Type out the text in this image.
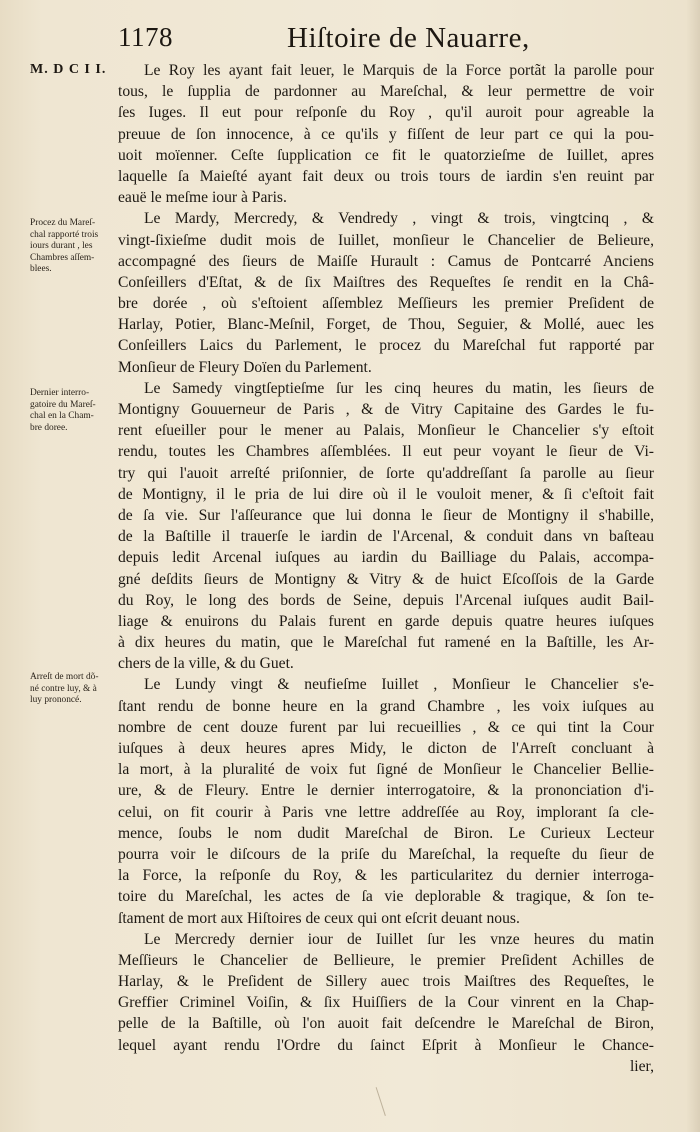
1178	Hiſtoire de Nauarre,
M. D C I I.
Procez du Mareſ-
chal rapporté trois
iours durant , les
Chambres aſſem-
blees.
Dernier interro-
gatoire du Mareſ-
chal en la Cham-
bre doree.
Arreſt de mort dõ-
né contre luy, & à
luy prononcé.
Le Roy les ayant fait leuer, le Marquis de la Force portãt la parolle pour
tous, le ſupplia de pardonner au Mareſchal, & leur permettre de voir
ſes Iuges. Il eut pour reſponſe du Roy , qu'il auroit pour agreable la
preuue de ſon innocence, à ce qu'ils y fiſſent de leur part ce qui la pou-
uoit moïenner. Ceſte ſupplication ce fit le quatorzieſme de Iuillet, apres
laquelle ſa Maieſté ayant fait deux ou trois tours de iardin s'en reuint par
eauë le meſme iour à Paris.
Le Mardy, Mercredy, & Vendredy , vingt & trois, vingtcinq , &
vingt-ſixieſme dudit mois de Iuillet, monſieur le Chancelier de Belieure,
accompagné des ſieurs de Maiſſe Hurault : Camus de Pontcarré Anciens
Conſeillers d'Eſtat, & de ſix Maiſtres des Requeſtes ſe rendit en la Châ-
bre dorée , où s'eſtoient aſſemblez Meſſieurs les premier Preſident de
Harlay, Potier, Blanc-Meſnil, Forget, de Thou, Seguier, & Mollé, auec les
Conſeillers Laics du Parlement, le procez du Mareſchal fut rapporté par
Monſieur de Fleury Doïen du Parlement.
Le Samedy vingtſeptieſme ſur les cinq heures du matin, les ſieurs de
Montigny Gouuerneur de Paris , & de Vitry Capitaine des Gardes le fu-
rent eſueiller pour le mener au Palais, Monſieur le Chancelier s'y eſtoit
rendu, toutes les Chambres aſſemblées. Il eut peur voyant le ſieur de Vi-
try qui l'auoit arreſté priſonnier, de ſorte qu'addreſſant ſa parolle au ſieur
de Montigny, il le pria de lui dire où il le vouloit mener, & ſi c'eſtoit fait
de ſa vie. Sur l'aſſeurance que lui donna le ſieur de Montigny il s'habille,
de la Baſtille il trauerſe le iardin de l'Arcenal, & conduit dans vn baſteau
depuis ledit Arcenal iuſques au iardin du Bailliage du Palais, accompa-
gné deſdits ſieurs de Montigny & Vitry & de huict Eſcoſſois de la Garde
du Roy, le long des bords de Seine, depuis l'Arcenal iuſques audit Bail-
liage & enuirons du Palais furent en garde depuis quatre heures iuſques
à dix heures du matin, que le Mareſchal fut ramené en la Baſtille, les Ar-
chers de la ville, & du Guet.
Le Lundy vingt & neufieſme Iuillet , Monſieur le Chancelier s'e-
ſtant rendu de bonne heure en la grand Chambre , les voix iuſques au
nombre de cent douze furent par lui recueillies , & ce qui tint la Cour
iuſques à deux heures apres Midy, le dicton de l'Arreſt concluant à
la mort, à la pluralité de voix fut ſigné de Monſieur le Chancelier Bellie-
ure, & de Fleury. Entre le dernier interrogatoire, & la prononciation d'i-
celui, on fit courir à Paris vne lettre addreſſée au Roy, implorant ſa cle-
mence, ſoubs le nom dudit Mareſchal de Biron. Le Curieux Lecteur
pourra voir le diſcours de la priſe du Mareſchal, la requeſte du ſieur de
la Force, la reſponſe du Roy, & les particularitez du dernier interroga-
toire du Mareſchal, les actes de ſa vie deplorable & tragique, & ſon te-
ſtament de mort aux Hiſtoires de ceux qui ont eſcrit deuant nous.
Le Mercredy dernier iour de Iuillet ſur les vnze heures du matin
Meſſieurs le Chancelier de Bellieure, le premier Preſident Achilles de
Harlay, & le Preſident de Sillery auec trois Maiſtres des Requeſtes, le
Greffier Criminel Voiſin, & ſix Huiſſiers de la Cour vinrent en la Chap-
pelle de la Baſtille, où l'on auoit fait deſcendre le Mareſchal de Biron,
lequel ayant rendu l'Ordre du ſainct Eſprit à Monſieur le Chance-
lier,
